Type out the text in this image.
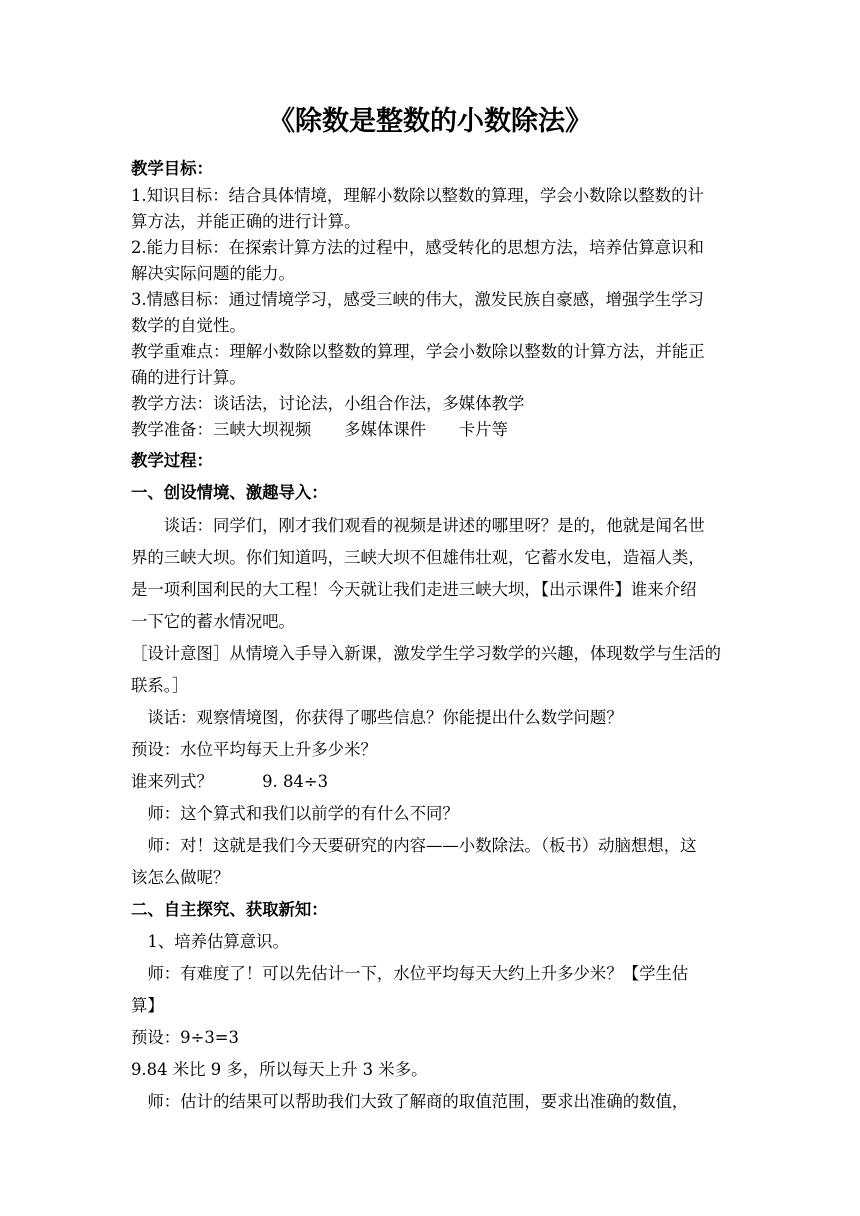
《除数是整数的小数除法》
教学目标：
1.知识目标：结合具体情境，理解小数除以整数的算理，学会小数除以整数的计
算方法，并能正确的进行计算。
2.能力目标：在探索计算方法的过程中，感受转化的思想方法，培养估算意识和
解决实际问题的能力。
3.情感目标：通过情境学习，感受三峡的伟大，激发民族自豪感，增强学生学习
数学的自觉性。
教学重难点：理解小数除以整数的算理，学会小数除以整数的计算方法，并能正
确的进行计算。
教学方法：谈话法，讨论法，小组合作法，多媒体教学
教学准备：三峡大坝视频　　多媒体课件　　卡片等
教学过程：
一、创设情境、激趣导入：
　　谈话：同学们，刚才我们观看的视频是讲述的哪里呀？是的，他就是闻名世
界的三峡大坝。你们知道吗，三峡大坝不但雄伟壮观，它蓄水发电，造福人类，
是一项利国利民的大工程！今天就让我们走进三峡大坝，【出示课件】谁来介绍
一下它的蓄水情况吧。
［设计意图］从情境入手导入新课，激发学生学习数学的兴趣，体现数学与生活的
联系。］
　谈话：观察情境图，你获得了哪些信息？你能提出什么数学问题？
预设：水位平均每天上升多少米？
谁来列式？　　　9. 84÷3
　师：这个算式和我们以前学的有什么不同？
　师：对！这就是我们今天要研究的内容——小数除法。（板书）动脑想想，这
该怎么做呢？
二、自主探究、获取新知：
　1、培养估算意识。
　师：有难度了！可以先估计一下，水位平均每天大约上升多少米？【学生估
算】
预设：9÷3=3
9.84 米比 9 多，所以每天上升 3 米多。
　师：估计的结果可以帮助我们大致了解商的取值范围，要求出准确的数值，
